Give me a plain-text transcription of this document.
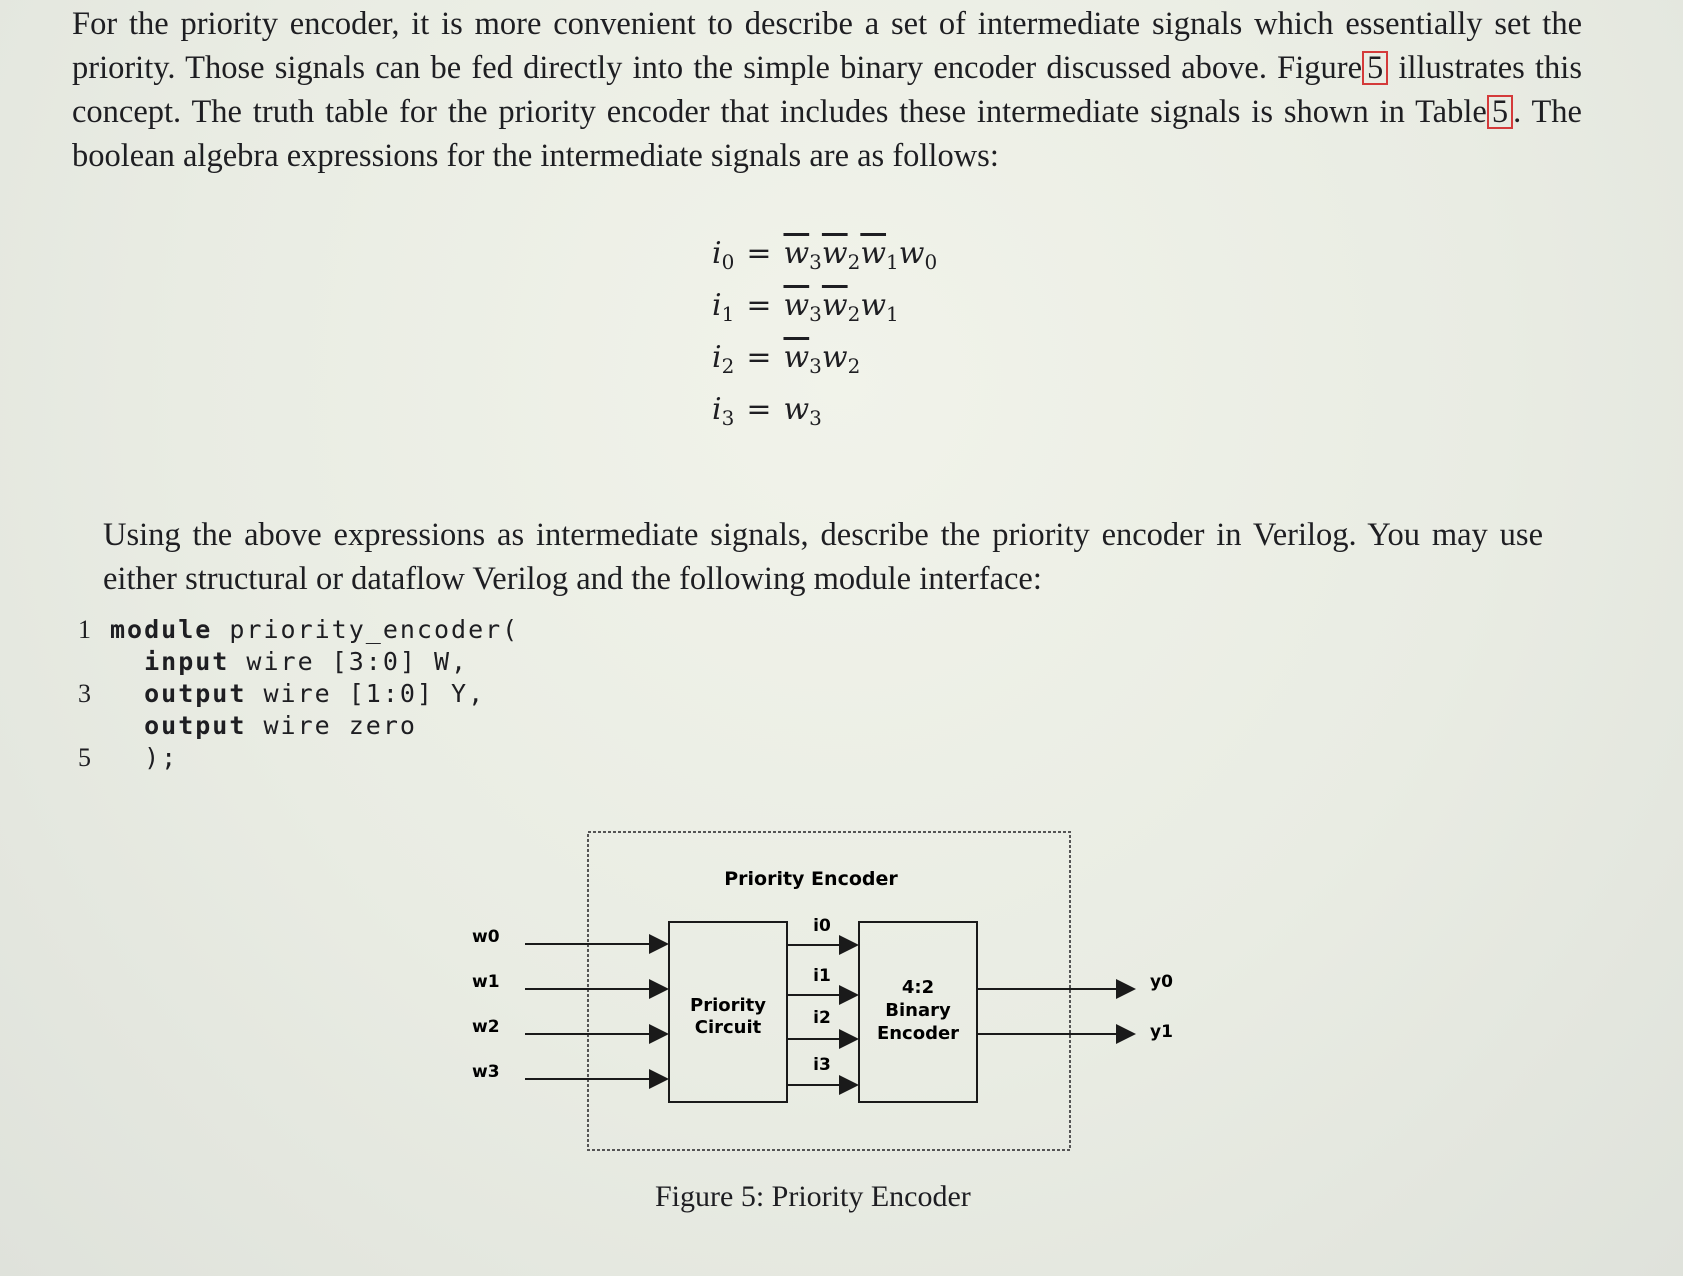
For the priority encoder, it is more convenient to describe a set of intermediate signals which essentially set the priority. Those signals can be fed directly into the simple binary encoder discussed above. Figure 5 illustrates this concept. The truth table for the priority encoder that includes these intermediate signals is shown in Table 5 . The boolean algebra expressions for the intermediate signals are as follows:
$i_0 = \overline{w}_3\overline{w}_2\overline{w}_1w_0$
$i_1 = \overline{w}_3\overline{w}_2w_1$
$i_2 = \overline{w}_3w_2$
$i_3 = w_3$
Using the above expressions as intermediate signals, describe the priority encoder in Verilog. You may use either structural or dataflow Verilog and the following module interface:
1 module priority_encoder(
input wire [3:0] W,
3  output wire [1:0] Y,
output wire zero
5  );
Priority Encoder
Priority
Circuit
4:2
Binary
Encoder
w0
w1
w2
w3
i0
i1
i2
i3
y0
y1
Figure 5: Priority Encoder
